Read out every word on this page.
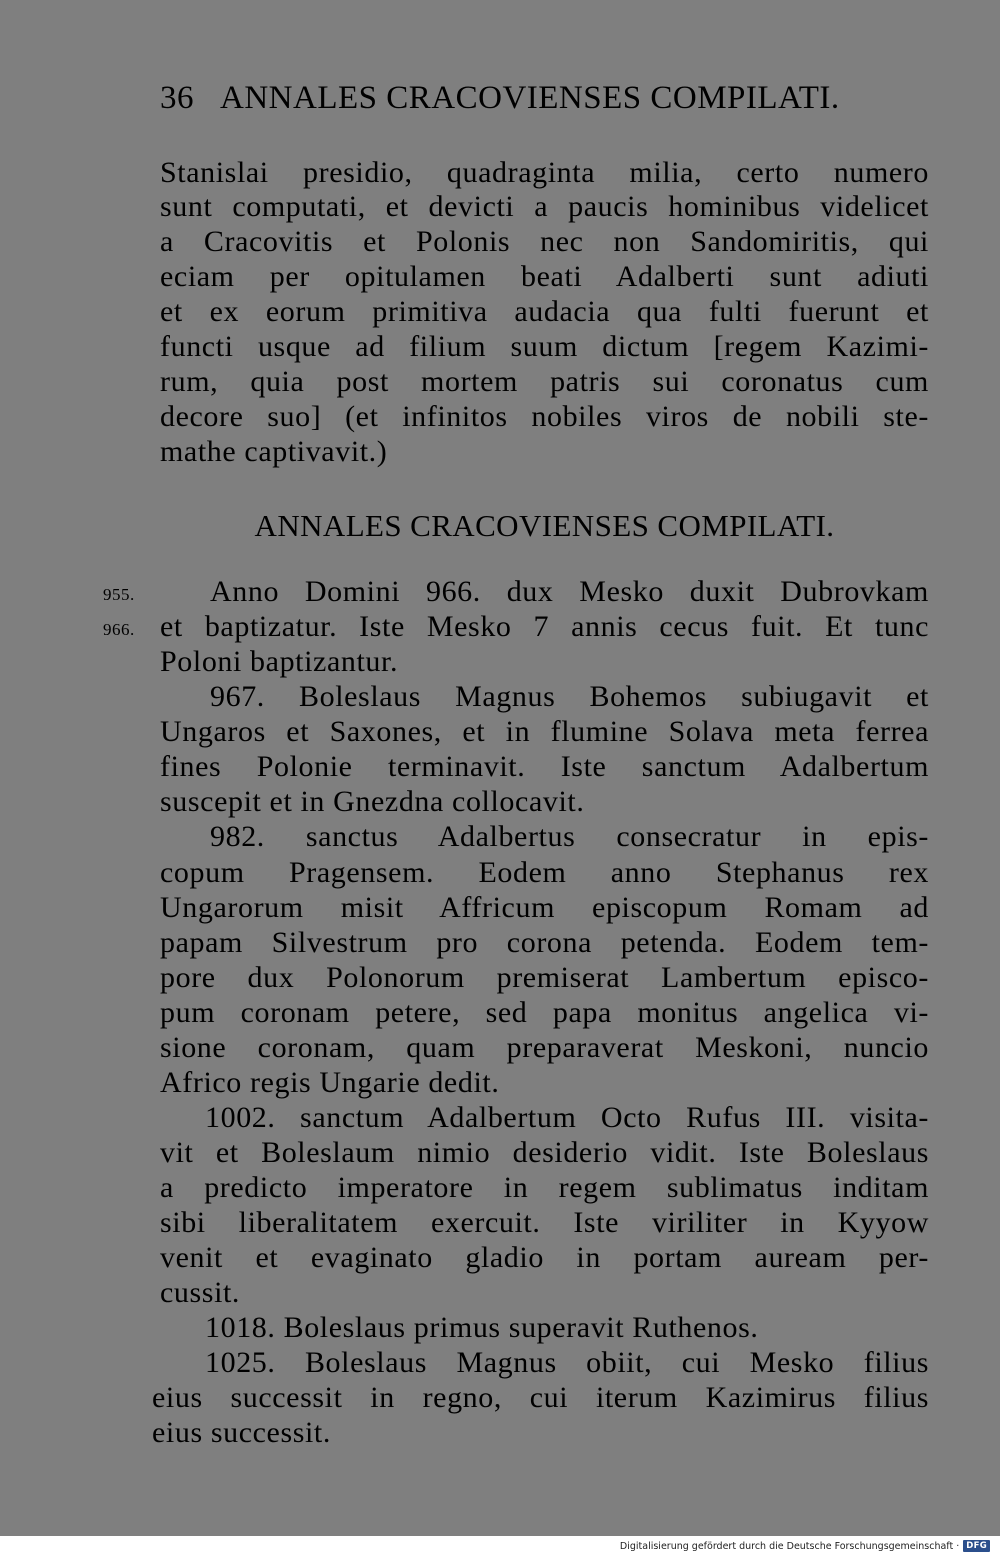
36 ANNALES CRACOVIENSES COMPILATI.
Stanislai presidio, quadraginta milia, certo numero
sunt computati, et devicti a paucis hominibus videlicet
a Cracovitis et Polonis nec non Sandomiritis, qui
eciam per opitulamen beati Adalberti sunt adiuti
et ex eorum primitiva audacia qua fulti fuerunt et
functi usque ad filium suum dictum [regem Kazimi-
rum, quia post mortem patris sui coronatus cum
decore suo] (et infinitos nobiles viros de nobili ste-
mathe captivavit.)
ANNALES CRACOVIENSES COMPILATI.
955.
966.
Anno Domini 966. dux Mesko duxit Dubrovkam
et baptizatur. Iste Mesko 7 annis cecus fuit. Et tunc
Poloni baptizantur.
967. Boleslaus Magnus Bohemos subiugavit et
Ungaros et Saxones, et in flumine Solava meta ferrea
fines Polonie terminavit. Iste sanctum Adalbertum
suscepit et in Gnezdna collocavit.
982. sanctus Adalbertus consecratur in epis-
copum Pragensem. Eodem anno Stephanus rex
Ungarorum misit Affricum episcopum Romam ad
papam Silvestrum pro corona petenda. Eodem tem-
pore dux Polonorum premiserat Lambertum episco-
pum coronam petere, sed papa monitus angelica vi-
sione coronam, quam preparaverat Meskoni, nuncio
Africo regis Ungarie dedit.
1002. sanctum Adalbertum Octo Rufus III. visita-
vit et Boleslaum nimio desiderio vidit. Iste Boleslaus
a predicto imperatore in regem sublimatus inditam
sibi liberalitatem exercuit. Iste viriliter in Kyyow
venit et evaginato gladio in portam auream per-
cussit.
1018. Boleslaus primus superavit Ruthenos.
1025. Boleslaus Magnus obiit, cui Mesko filius
eius successit in regno, cui iterum Kazimirus filius
eius successit.
Digitalisierung gefördert durch die Deutsche Forschungsgemeinschaft · DFG
